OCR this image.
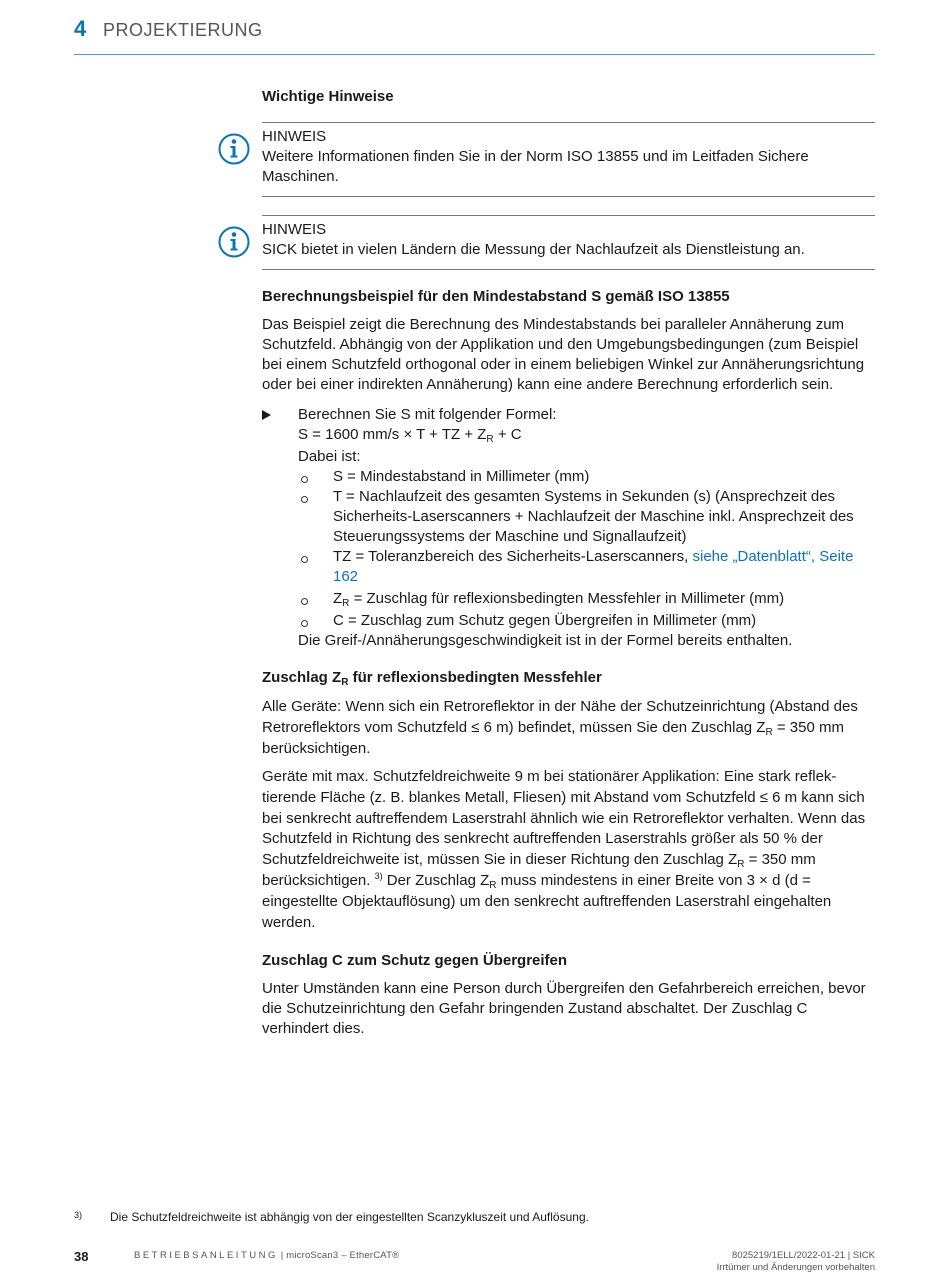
4 PROJEKTIERUNG

Wichtige Hinweise

HINWEIS

Weitere Informationen finden Sie in der Norm ISO 13855 und im Leitfaden Sichere Maschinen.

HINWEIS

SICK bietet in vielen Ländern die Messung der Nachlaufzeit als Dienstleistung an.

Berechnungsbeispiel für den Mindestabstand S gemäß ISO 13855

Das Beispiel zeigt die Berechnung des Mindestabstands bei paralleler Annäherung zum Schutzfeld. Abhängig von der Applikation und den Umgebungsbedingungen (zum Beispiel bei einem Schutzfeld orthogonal oder in einem beliebigen Winkel zur Annäherungsrichtung oder bei einer indirekten Annäherung) kann eine andere Berechnung erforderlich sein.

Berechnen Sie S mit folgender Formel:

S = 1600 mm/s × T + TZ + $Z_R + C$

Dabei ist:

S = Mindestabstand in Millimeter (mm)
T = Nachlaufzeit des gesamten Systems in Sekunden (s) (Ansprechzeit des Sicherheits-Laserscanners + Nachlaufzeit der Maschine inkl. Ansprechzeit des Steuerungssystems der Maschine und Signallaufzeit)
TZ = Toleranzbereich des Sicherheits-Laserscanners, siehe „Datenblatt“, Seite 162
$Z_R$ = Zuschlag für reflexionsbedingten Messfehler in Millimeter (mm)
C = Zuschlag zum Schutz gegen Übergreifen in Millimeter (mm)

Die Greif-/Annäherungsgeschwindigkeit ist in der Formel bereits enthalten.

Zuschlag $Z_R$ für reflexionsbedingten Messfehler

Alle Geräte: Wenn sich ein Retroreflektor in der Nähe der Schutzeinrichtung (Abstand des Retroreflektors vom Schutzfeld ≤ 6 m) befindet, müssen Sie den Zuschlag $Z_R = 350$ mm berücksichtigen.

Geräte mit max. Schutzfeldreichweite 9 m bei stationärer Applikation: Eine stark reflektierende Fläche (z. B. blankes Metall, Fliesen) mit Abstand vom Schutzfeld ≤ 6 m kann sich bei senkrecht auftreffendem Laserstrahl ähnlich wie ein Retroreflektor verhalten. Wenn das Schutzfeld in Richtung des senkrecht auftreffenden Laserstrahls größer als 50 % der Schutzfeldreichweite ist, müssen Sie in dieser Richtung den Zuschlag $Z_R = 350$ mm berücksichtigen. $^{3)}$ Der Zuschlag $Z_R$ muss mindestens in einer Breite von 3 × d (d = eingestellte Objektauflösung) um den senkrecht auftreffenden Laserstrahl eingehalten werden.

Zuschlag C zum Schutz gegen Übergreifen

Unter Umständen kann eine Person durch Übergreifen den Gefahrbereich erreichen, bevor die Schutzeinrichtung den Gefahr bringenden Zustand abschaltet. Der Zuschlag C verhindert dies.

3) Die Schutzfeldreichweite ist abhängig von der eingestellten Scanzykluszeit und Auflösung.
38	BETRIEBSANLEITUNG | microScan3 – EtherCAT®	8025219/1ELL/2022-01-21 | SICK
Irrtümer und Änderungen vorbehalten
